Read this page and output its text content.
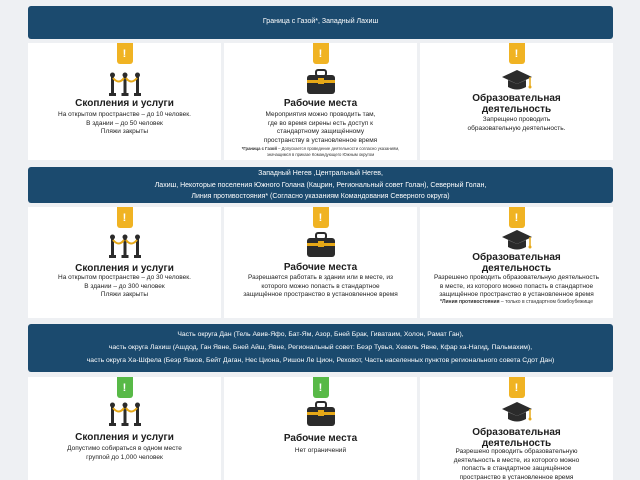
Граница с Газой*, Западный Лахиш
!
Скопления и услуги
На открытом пространстве – до 10 человек.
В здании – до 50 человек
Пляжи закрыты
!
Рабочие места
Мероприятия можно проводить там,
где во время сирены есть доступ к
стандартному защищённому
пространству в установленное время
*Граница с Газой – Допускается проведение деятельности согласно указаниям, значащимся в приказе Командующего Южным округом
!
Образовательная
деятельность
Запрещено проводить
образовательную деятельность.
Западный Негев ,Центральный Негев,
Лахиш, Некоторые поселения Южного Голана (Кацрин, Региональный совет Голан), Северный Голан,
Линия противостояния* (Согласно указаниям Командования Северного округа)
!
Скопления и услуги
На открытом пространстве – до 30 человек.
В здании – до 300 человек
Пляжи закрыты
!
Рабочие места
Разрешается работать в здании или в месте, из
которого можно попасть в стандартное
защищённое пространство в установленное время
!
Образовательная
деятельность
Разрешено проводить образовательную деятельность
в месте, из которого можно попасть в стандартное
защищённое пространство в установленное время
*Линия противостояния – только в стандартном бомбоубежище
Часть округа Дан (Тель Авив-Яфо, Бат-Ям, Азор, Бней Брак, Гиватаим, Холон, Рамат Ган),
часть округа Лахиш (Ашдод, Ган Явне, Бней Айш, Явне, Региональный совет: Беэр Тувья, Хевель Явне, Кфар ха-Нагид, Пальмахим),
часть округа Ха-Шфела (Беэр Яаков, Бейт Даган, Нес Циона, Ришон Ле Цион, Реховот, Часть населенных пунктов регионального совета Сдот Дан)
!
Скопления и услуги
Допустимо собираться в одном месте
группой до 1,000 человек
!
Рабочие места
Нет ограничений
!
Образовательная
деятельность
Разрешено проводить образовательную
деятельность в месте, из которого можно
попасть в стандартное защищённое
пространство в установленное время
